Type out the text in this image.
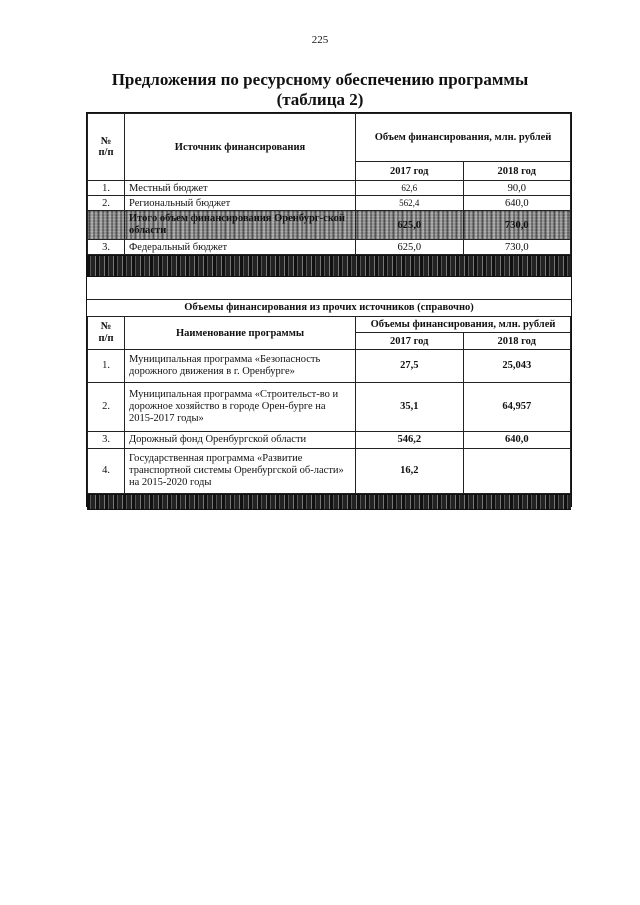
225
Предложения по ресурсному обеспечению программы
(таблица 2)
№
п/п	Источник финансирования	Объем финансирования, млн. рублей	
		2017 год	2018 год
1.	Местный бюджет	62,6	90,0
2.	Региональный бюджет	562,4	640,0
	Итого объем финансирования Оренбург-ской области	625,0	730,0
3.	Федеральный бюджет	625,0	730,0
Объемы финансирования из прочих источников (справочно)
№
п/п	Наименование программы	Объемы финансирования, млн. рублей	
		2017 год	2018 год
1.	Муниципальная программа «Безопасность дорожного движения в г. Оренбурге»	27,5	25,043
2.	Муниципальная программа «Строительст-во и дорожное хозяйство в городе Орен-бурге на 2015-2017 годы»	35,1	64,957
3.	Дорожный фонд Оренбургской области	546,2	640,0
4.	Государственная программа «Развитие транспортной системы Оренбургской об-ласти» на 2015-2020 годы	16,2	
